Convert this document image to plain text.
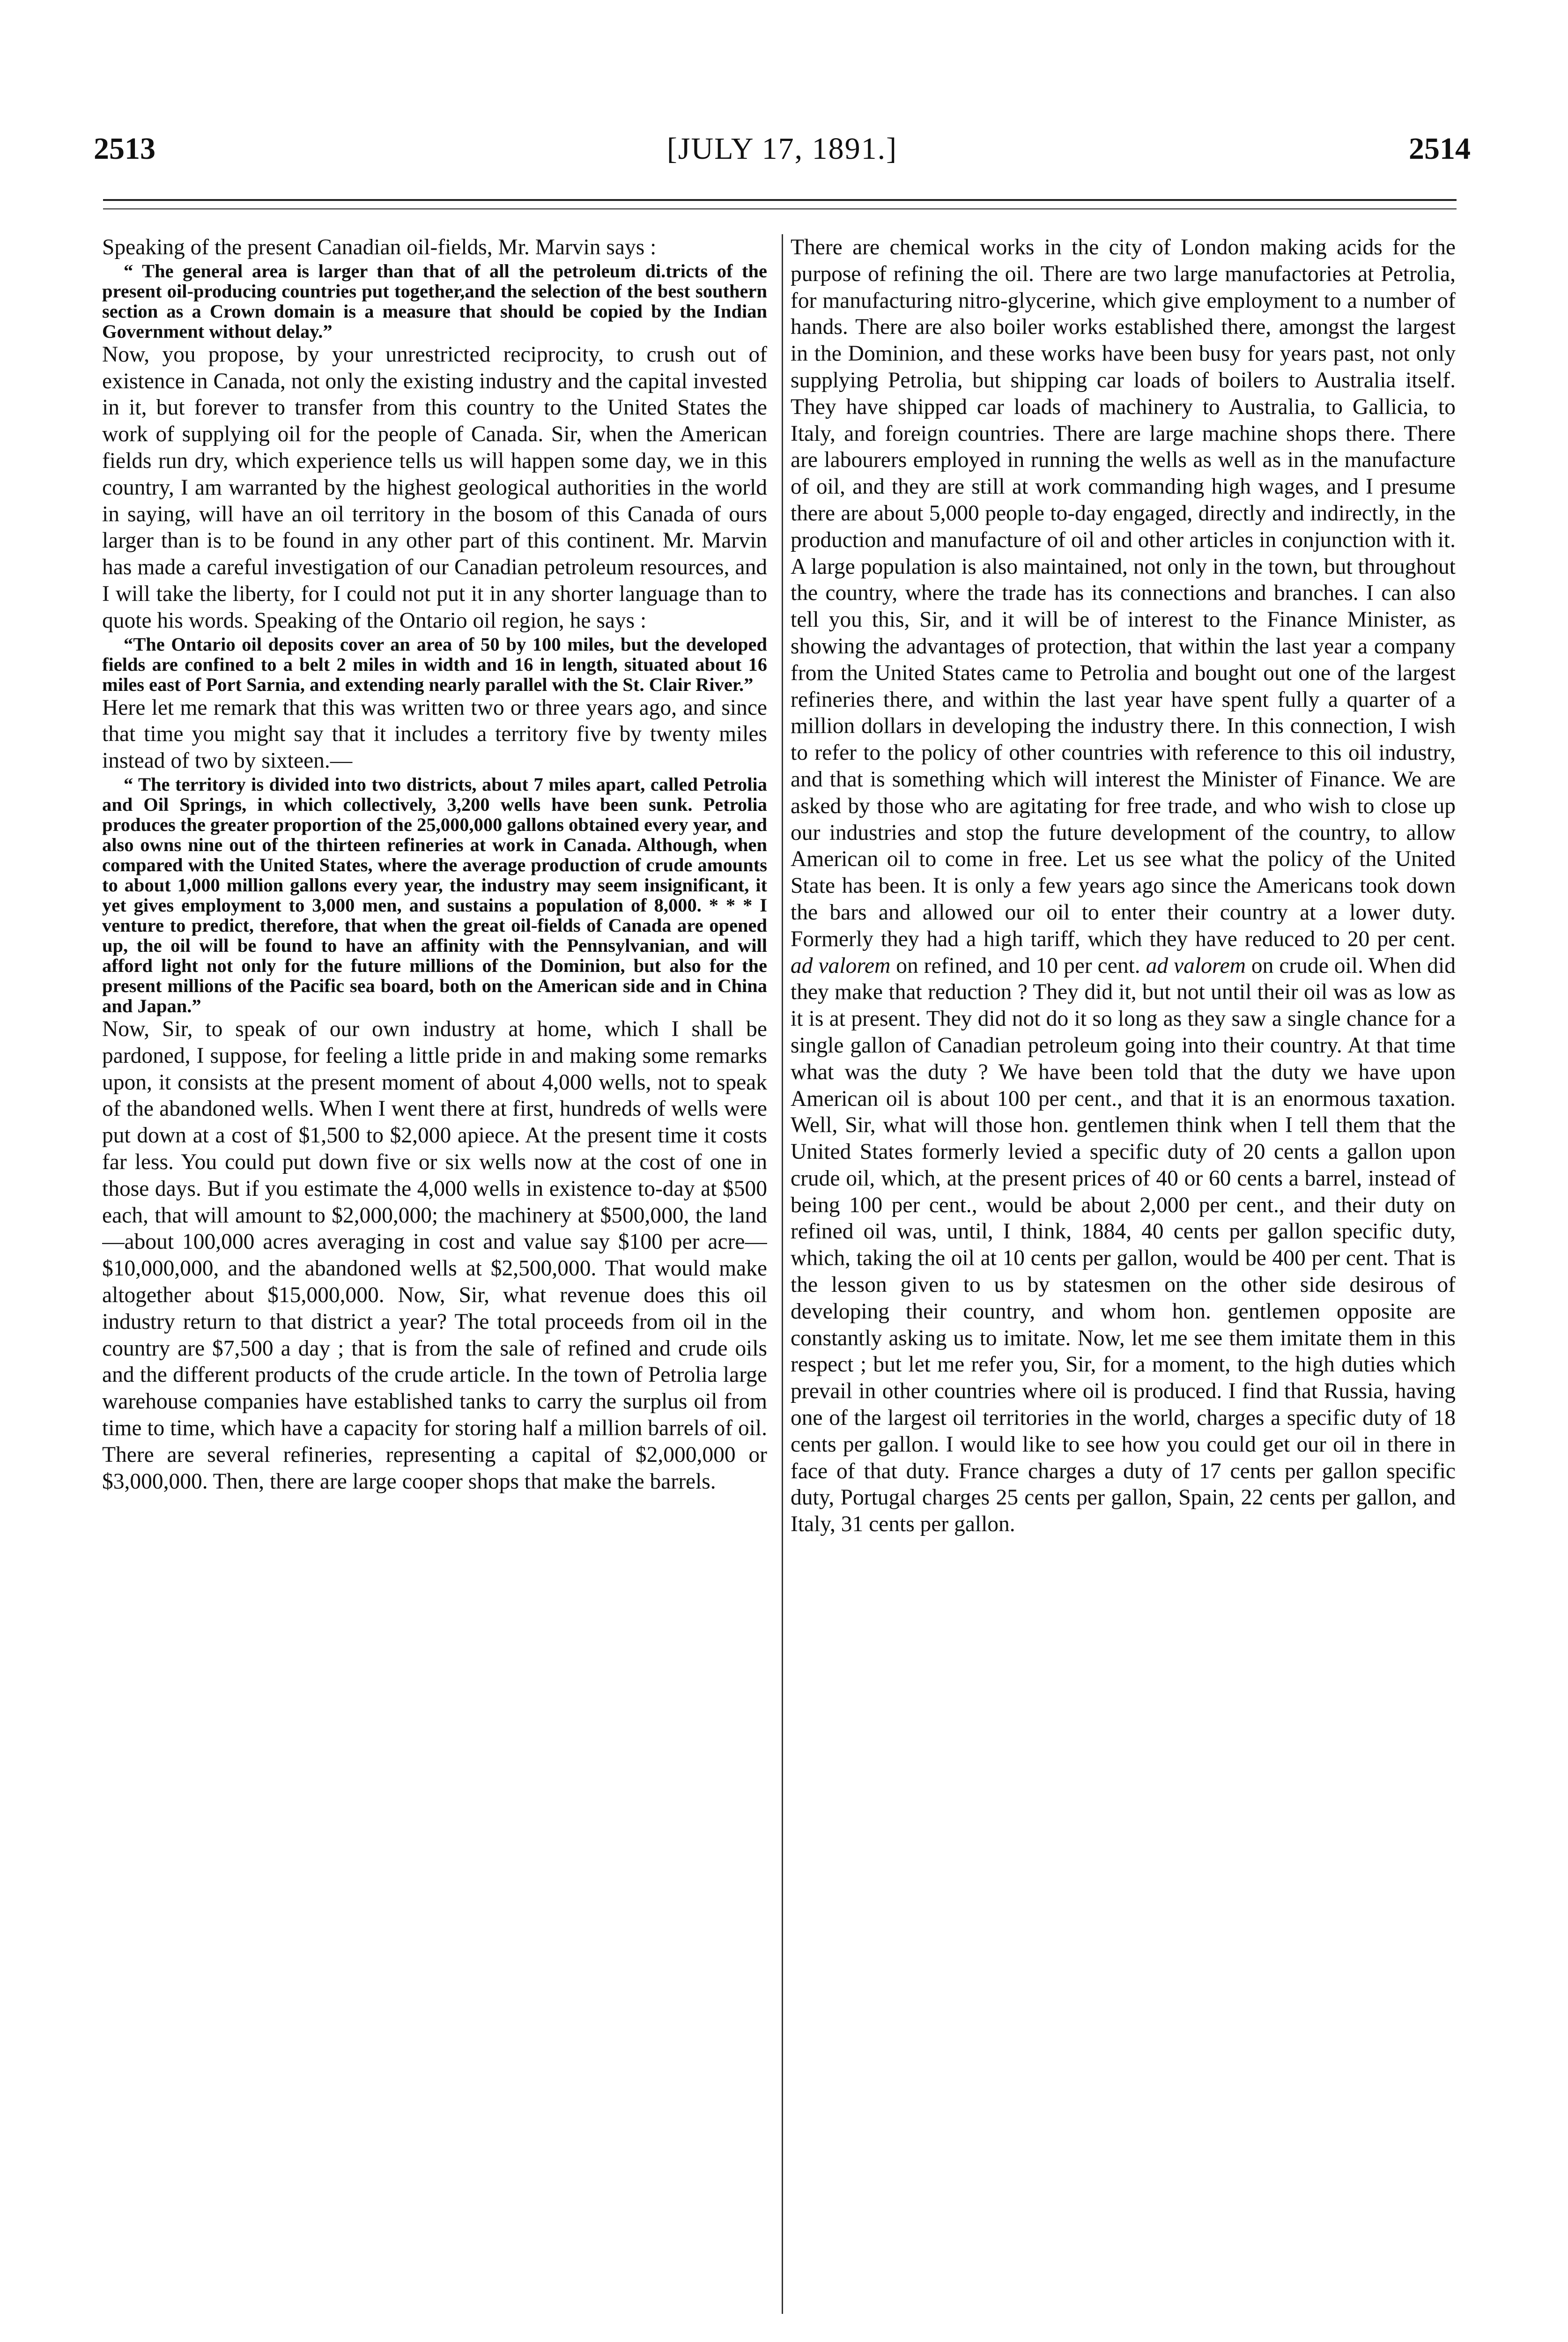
2513	[JULY 17, 1891.]	2514

Speaking of the present Canadian oil-fields, Mr. Marvin says :

“ The general area is larger than that of all the petroleum di.tricts of the present oil-producing countries put together,and the selection of the best southern section as a Crown domain is a measure that should be copied by the Indian Government without delay.”

Now, you propose, by your unrestricted reciprocity, to crush out of existence in Canada, not only the existing industry and the capital invested in it, but forever to transfer from this country to the United States the work of supplying oil for the people of Canada. Sir, when the American fields run dry, which experience tells us will happen some day, we in this country, I am warranted by the highest geological authorities in the world in saying, will have an oil territory in the bosom of this Canada of ours larger than is to be found in any other part of this continent. Mr. Marvin has made a careful investigation of our Canadian petroleum resources, and I will take the liberty, for I could not put it in any shorter language than to quote his words. Speaking of the Ontario oil region, he says :

“The Ontario oil deposits cover an area of 50 by 100 miles, but the developed fields are confined to a belt 2 miles in width and 16 in length, situated about 16 miles east of Port Sarnia, and extending nearly parallel with the St. Clair River.”

Here let me remark that this was written two or three years ago, and since that time you might say that it includes a territory five by twenty miles instead of two by sixteen.—

“ The territory is divided into two districts, about 7 miles apart, called Petrolia and Oil Springs, in which collectively, 3,200 wells have been sunk. Petrolia produces the greater proportion of the 25,000,000 gallons obtained every year, and also owns nine out of the thirteen refineries at work in Canada. Although, when compared with the United States, where the average production of crude amounts to about 1,000 million gallons every year, the industry may seem insignificant, it yet gives employment to 3,000 men, and sustains a population of 8,000. * * * I venture to predict, therefore, that when the great oil-fields of Canada are opened up, the oil will be found to have an affinity with the Pennsylvanian, and will afford light not only for the future millions of the Dominion, but also for the present millions of the Pacific sea board, both on the American side and in China and Japan.”

Now, Sir, to speak of our own industry at home, which I shall be pardoned, I suppose, for feeling a little pride in and making some remarks upon, it consists at the present moment of about 4,000 wells, not to speak of the abandoned wells. When I went there at first, hundreds of wells were put down at a cost of $1,500 to $2,000 apiece. At the present time it costs far less. You could put down five or six wells now at the cost of one in those days. But if you estimate the 4,000 wells in existence to-day at $500 each, that will amount to $2,000,000; the machinery at $500,000, the land—about 100,000 acres averaging in cost and value say $100 per acre—$10,000,000, and the abandoned wells at $2,500,000. That would make altogether about $15,000,000. Now, Sir, what revenue does this oil industry return to that district a year? The total proceeds from oil in the country are $7,500 a day ; that is from the sale of refined and crude oils and the different products of the crude article. In the town of Petrolia large warehouse companies have established tanks to carry the surplus oil from time to time, which have a capacity for storing half a million barrels of oil. There are several refineries, representing a capital of $2,000,000 or $3,000,000. Then, there are large cooper shops that make the barrels.

There are chemical works in the city of London making acids for the purpose of refining the oil. There are two large manufactories at Petrolia, for manufacturing nitro-glycerine, which give employment to a number of hands. There are also boiler works established there, amongst the largest in the Dominion, and these works have been busy for years past, not only supplying Petrolia, but shipping car loads of boilers to Australia itself. They have shipped car loads of machinery to Australia, to Gallicia, to Italy, and foreign countries. There are large machine shops there. There are labourers employed in running the wells as well as in the manufacture of oil, and they are still at work commanding high wages, and I presume there are about 5,000 people to-day engaged, directly and indirectly, in the production and manufacture of oil and other articles in conjunction with it. A large population is also maintained, not only in the town, but throughout the country, where the trade has its connections and branches. I can also tell you this, Sir, and it will be of interest to the Finance Minister, as showing the advantages of protection, that within the last year a company from the United States came to Petrolia and bought out one of the largest refineries there, and within the last year have spent fully a quarter of a million dollars in developing the industry there. In this connection, I wish to refer to the policy of other countries with reference to this oil industry, and that is something which will interest the Minister of Finance. We are asked by those who are agitating for free trade, and who wish to close up our industries and stop the future development of the country, to allow American oil to come in free. Let us see what the policy of the United State has been. It is only a few years ago since the Americans took down the bars and allowed our oil to enter their country at a lower duty. Formerly they had a high tariff, which they have reduced to 20 per cent. ad valorem on refined, and 10 per cent. ad valorem on crude oil. When did they make that reduction ? They did it, but not until their oil was as low as it is at present. They did not do it so long as they saw a single chance for a single gallon of Canadian petroleum going into their country. At that time what was the duty ? We have been told that the duty we have upon American oil is about 100 per cent., and that it is an enormous taxation. Well, Sir, what will those hon. gentlemen think when I tell them that the United States formerly levied a specific duty of 20 cents a gallon upon crude oil, which, at the present prices of 40 or 60 cents a barrel, instead of being 100 per cent., would be about 2,000 per cent., and their duty on refined oil was, until, I think, 1884, 40 cents per gallon specific duty, which, taking the oil at 10 cents per gallon, would be 400 per cent. That is the lesson given to us by statesmen on the other side desirous of developing their country, and whom hon. gentlemen opposite are constantly asking us to imitate. Now, let me see them imitate them in this respect ; but let me refer you, Sir, for a moment, to the high duties which prevail in other countries where oil is produced. I find that Russia, having one of the largest oil territories in the world, charges a specific duty of 18 cents per gallon. I would like to see how you could get our oil in there in face of that duty. France charges a duty of 17 cents per gallon specific duty, Portugal charges 25 cents per gallon, Spain, 22 cents per gallon, and Italy, 31 cents per gallon.
